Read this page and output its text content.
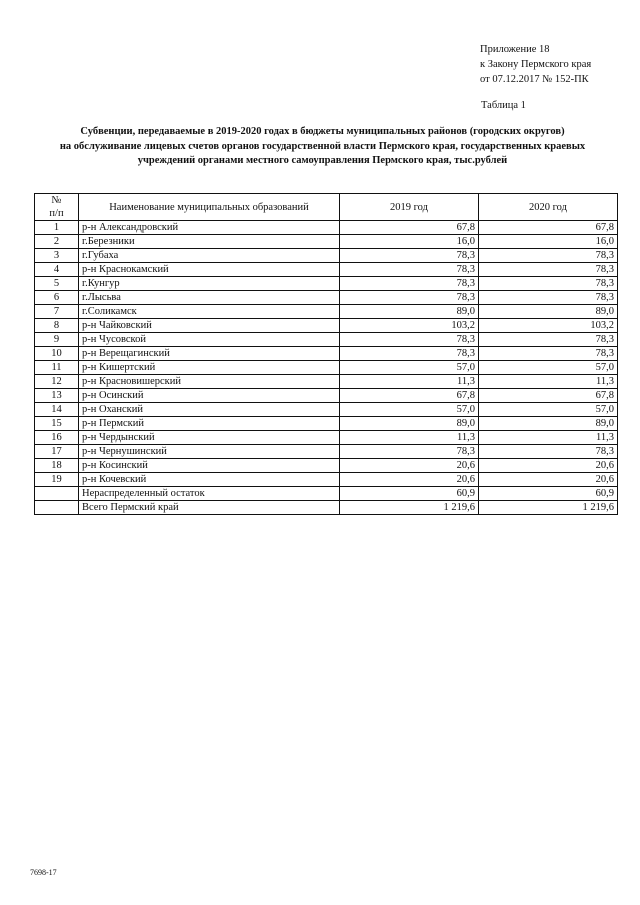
Приложение 18
к Закону Пермского края
от 07.12.2017 № 152-ПК
Таблица 1
Субвенции, передаваемые в 2019-2020 годах в бюджеты муниципальных районов (городских округов)
на обслуживание лицевых счетов органов государственной власти Пермского края, государственных краевых
учреждений органами местного самоуправления Пермского края, тыс.рублей
№
п/п	Наименование муниципальных образований	2019 год	2020 год
1	р-н Александровский	67,8	67,8
2	г.Березники	16,0	16,0
3	г.Губаха	78,3	78,3
4	р-н Краснокамский	78,3	78,3
5	г.Кунгур	78,3	78,3
6	г.Лысьва	78,3	78,3
7	г.Соликамск	89,0	89,0
8	р-н Чайковский	103,2	103,2
9	р-н Чусовской	78,3	78,3
10	р-н Верещагинский	78,3	78,3
11	р-н Кишертский	57,0	57,0
12	р-н Красновишерский	11,3	11,3
13	р-н Осинский	67,8	67,8
14	р-н Оханский	57,0	57,0
15	р-н Пермский	89,0	89,0
16	р-н Чердынский	11,3	11,3
17	р-н Чернушинский	78,3	78,3
18	р-н Косинский	20,6	20,6
19	р-н Кочевский	20,6	20,6
	Нераспределенный остаток	60,9	60,9
	Всего Пермский край	1 219,6	1 219,6
7698-17
